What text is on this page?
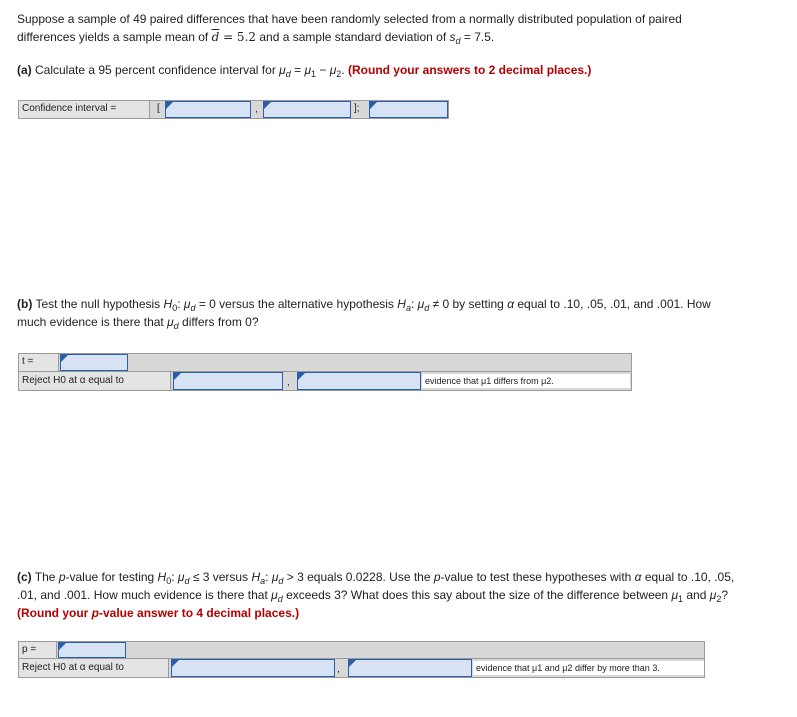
Suppose a sample of 49 paired differences that have been randomly selected from a normally distributed population of paired
differences yields a sample mean of $\overline{d} = 5.2$ and a sample standard deviation of $s_d = 7.5$.
(a) Calculate a 95 percent confidence interval for $\mu_d = \mu_1 - \mu_2$. (Round your answers to 2 decimal places.)
Confidence interval =	[	,	];
(b) Test the null hypothesis $H_0$: $\mu_d = 0$ versus the alternative hypothesis $H_a$: $\mu_d \ne 0$ by setting α equal to .10, .05, .01, and .001. How
much evidence is there that $\mu_d$ differs from 0?
t =
Reject H0 at α equal to	,	evidence that μ1 differs from μ2.
(c) The p-value for testing $H_0$: $\mu_d \le 3$ versus $H_a$: $\mu_d > 3$ equals 0.0228. Use the p-value to test these hypotheses with α equal to .10, .05,
.01, and .001. How much evidence is there that $\mu_d$ exceeds 3? What does this say about the size of the difference between $\mu_1$ and $\mu_2$?
(Round your p-value answer to 4 decimal places.)
p =
Reject H0 at α equal to	,	evidence that μ1 and μ2 differ by more than 3.
